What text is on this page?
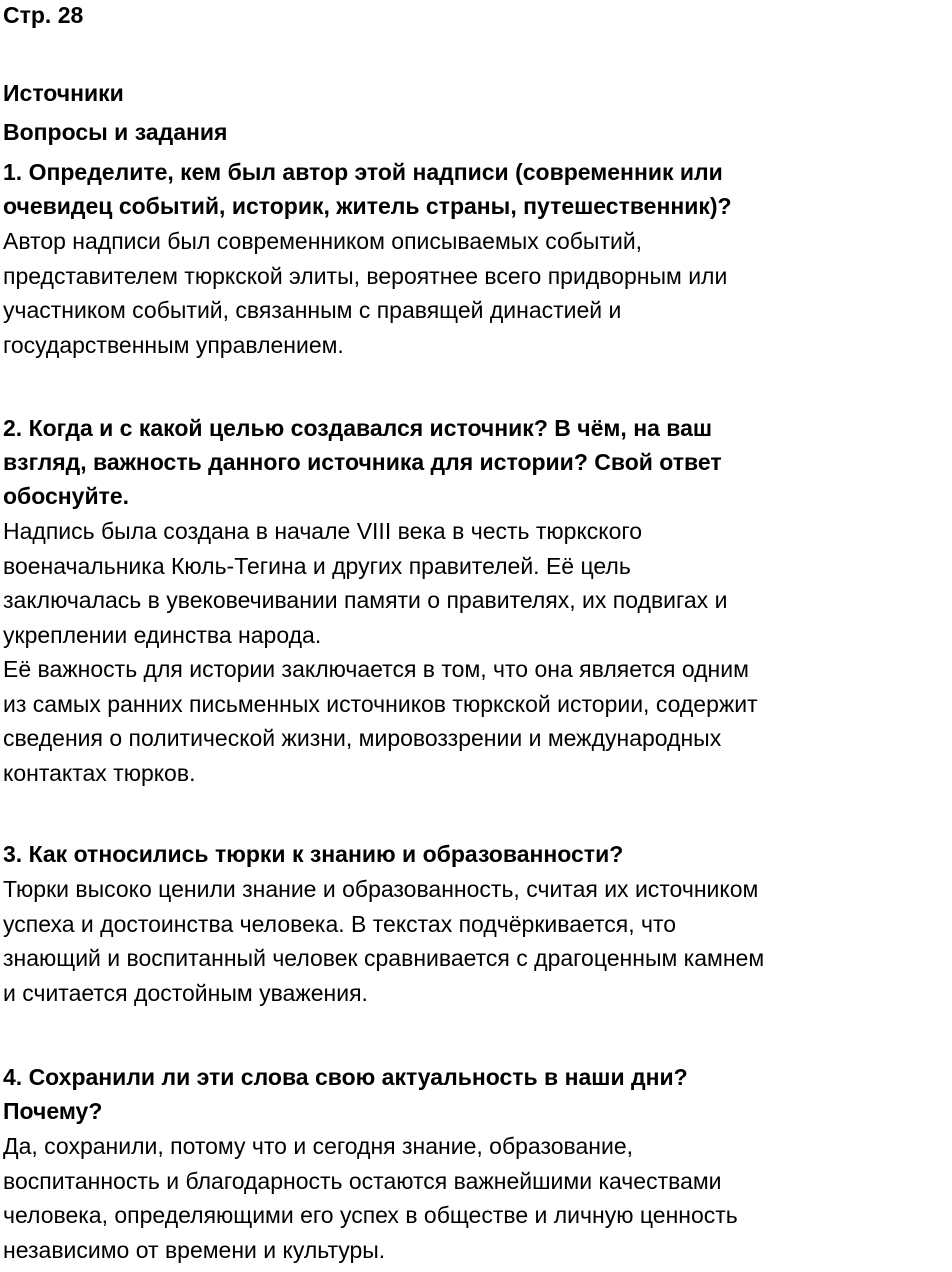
Стр. 28

Источники

Вопросы и задания

1. Определите, кем был автор этой надписи (современник или
очевидец событий, историк, житель страны, путешественник)?
Автор надписи был современником описываемых событий,
представителем тюркской элиты, вероятнее всего придворным или
участником событий, связанным с правящей династией и
государственным управлением.
2. Когда и с какой целью создавался источник? В чём, на ваш
взгляд, важность данного источника для истории? Свой ответ
обоснуйте.
Надпись была создана в начале VIII века в честь тюркского
военачальника Кюль-Тегина и других правителей. Её цель
заключалась в увековечивании памяти о правителях, их подвигах и
укреплении единства народа.
Её важность для истории заключается в том, что она является одним
из самых ранних письменных источников тюркской истории, содержит
сведения о политической жизни, мировоззрении и международных
контактах тюрков.
3. Как относились тюрки к знанию и образованности?
Тюрки высоко ценили знание и образованность, считая их источником
успеха и достоинства человека. В текстах подчёркивается, что
знающий и воспитанный человек сравнивается с драгоценным камнем
и считается достойным уважения.
4. Сохранили ли эти слова свою актуальность в наши дни?
Почему?
Да, сохранили, потому что и сегодня знание, образование,
воспитанность и благодарность остаются важнейшими качествами
человека, определяющими его успех в обществе и личную ценность
независимо от времени и культуры.
